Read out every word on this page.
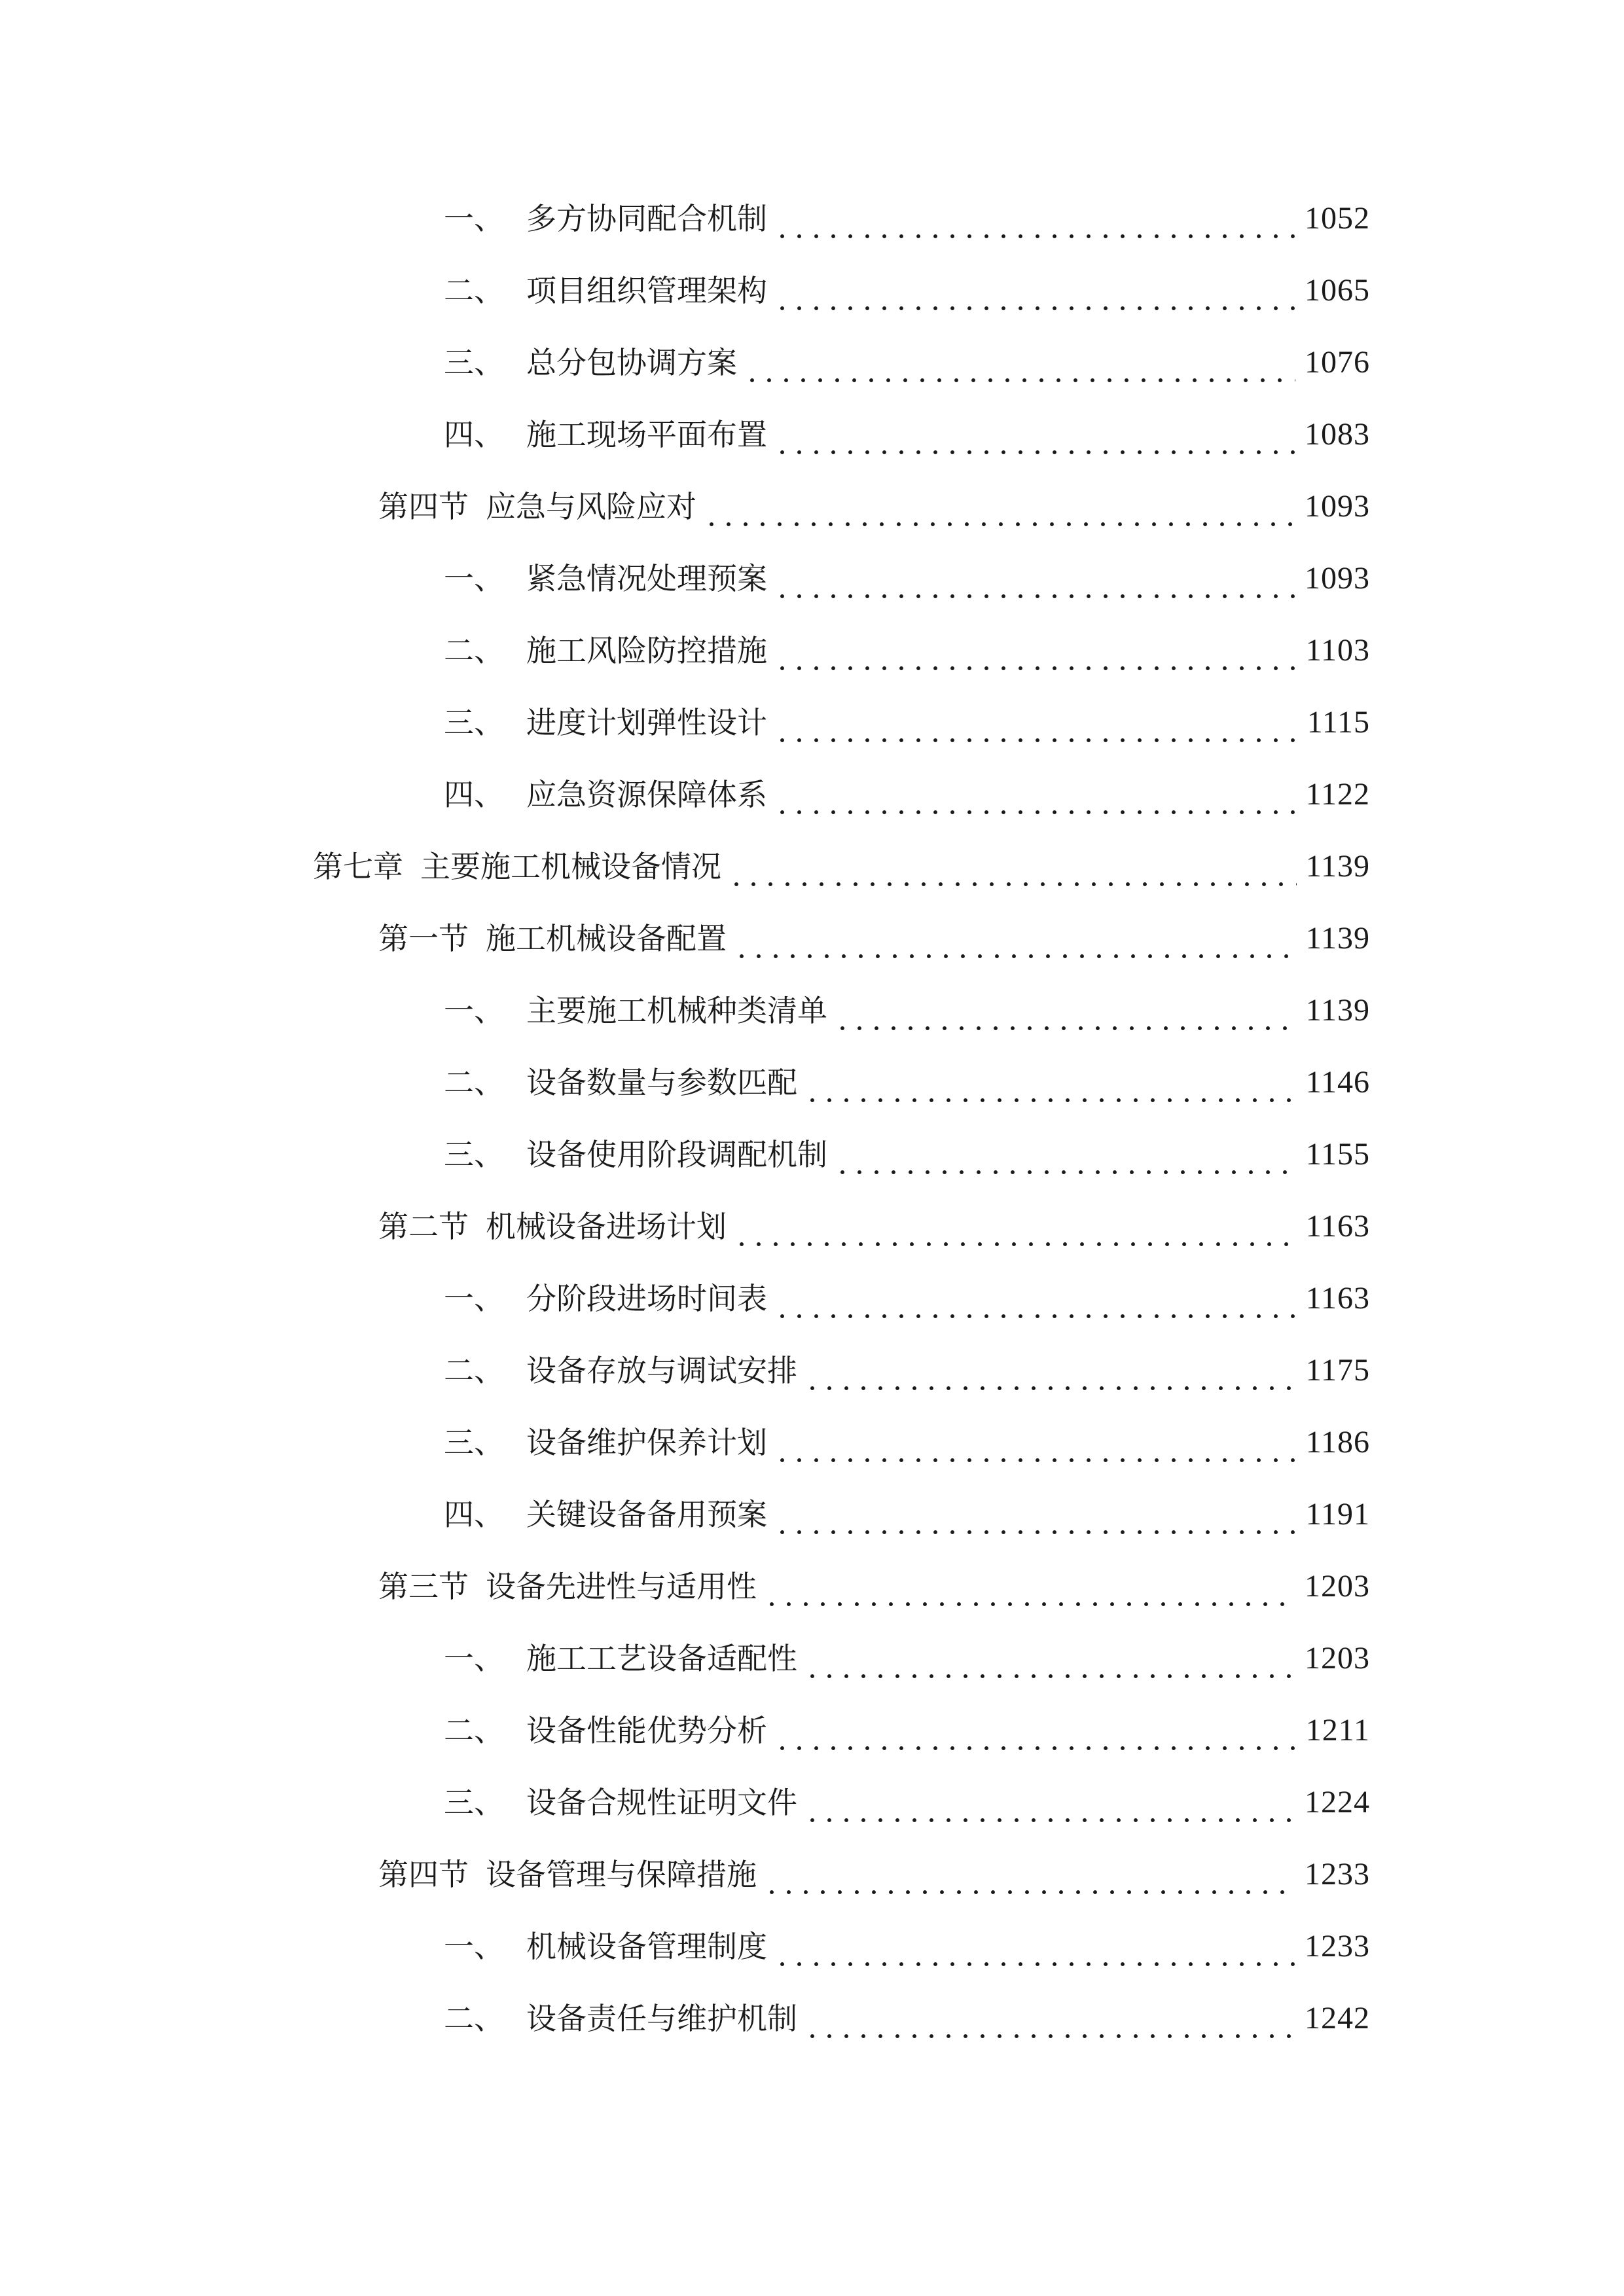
一、 多方协同配合机制	1052
二、 项目组织管理架构	1065
三、 总分包协调方案	1076
四、 施工现场平面布置	1083
第四节 应急与风险应对	1093
一、 紧急情况处理预案	1093
二、 施工风险防控措施	1103
三、 进度计划弹性设计	1115
四、 应急资源保障体系	1122
第七章 主要施工机械设备情况	1139
第一节 施工机械设备配置	1139
一、 主要施工机械种类清单	1139
二、 设备数量与参数匹配	1146
三、 设备使用阶段调配机制	1155
第二节 机械设备进场计划	1163
一、 分阶段进场时间表	1163
二、 设备存放与调试安排	1175
三、 设备维护保养计划	1186
四、 关键设备备用预案	1191
第三节 设备先进性与适用性	1203
一、 施工工艺设备适配性	1203
二、 设备性能优势分析	1211
三、 设备合规性证明文件	1224
第四节 设备管理与保障措施	1233
一、 机械设备管理制度	1233
二、 设备责任与维护机制	1242
